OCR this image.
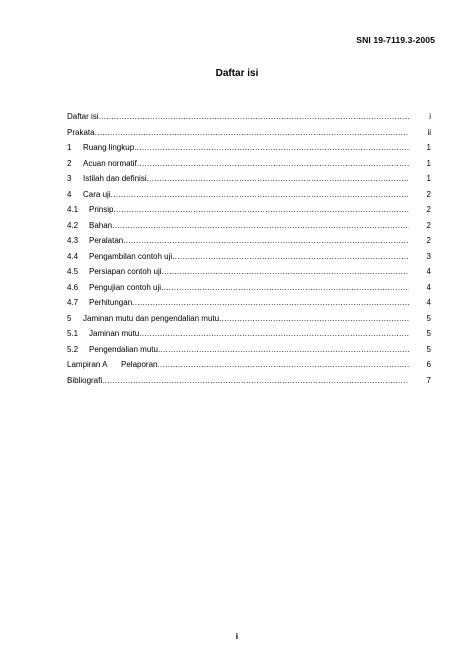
SNI 19-7119.3-2005
Daftar isi
Daftar isi .....	i
Prakata .....	ii
1	Ruang lingkup .....	1
2	Acuan normatif .....	1
3	Istilah dan definisi .....	1
4	Cara uji .....	2
4.1	Prinsip .....	2
4.2	Bahan .....	2
4.3	Peralatan .....	2
4.4	Pengambilan contoh uji .....	3
4.5	Persiapan contoh uji .....	4
4.6	Pengujian contoh uji .....	4
4.7	Perhitungan .....	4
5	Jaminan mutu dan pengendalian mutu .....	5
5.1	Jaminan mutu .....	5
5.2	Pengendalian mutu .....	5
Lampiran A	Pelaporan .....	6
Bibliografi .....	7
i
